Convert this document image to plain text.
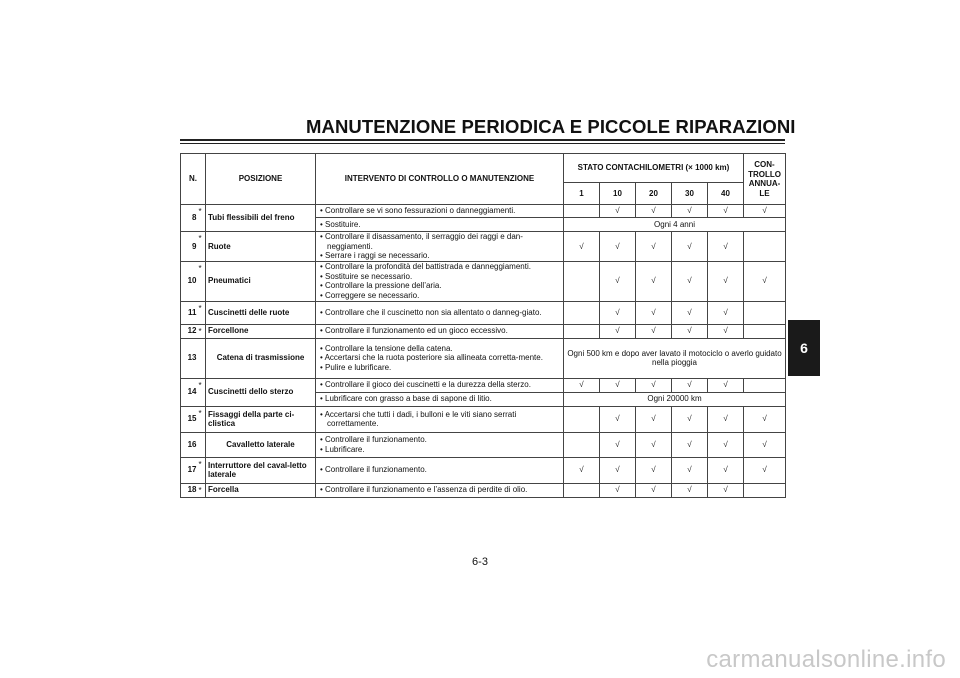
MANUTENZIONE PERIODICA E PICCOLE RIPARAZIONI
N.		POSIZIONE	INTERVENTO DI CONTROLLO O MANUTENZIONE	STATO CONTACHILOMETRI (× 1000 km)					CON-TROLLO ANNUA-LE
				1	10	20	30	40	
8	*	Tubi flessibili del freno	• Controllare se vi sono fessurazioni o danneggiamenti.		√	√	√	√	√

			• Sostituire.	Ogni 4 anni					
9	*	Ruote	• Controllare il disassamento, il serraggio dei raggi e dan-neggiamenti.
• Serrare i raggi se necessario.	√	√	√	√	√	
10	*	Pneumatici	• Controllare la profondità del battistrada e danneggiamenti.
• Sostituire se necessario.
• Controllare la pressione dell’aria.
• Correggere se necessario.		√	√	√	√	√
11	*	Cuscinetti delle ruote	• Controllare che il cuscinetto non sia allentato o danneg-giato.		√	√	√	√	
12	*	Forcellone	• Controllare il funzionamento ed un gioco eccessivo.		√	√	√	√	
13		Catena di trasmissione	• Controllare la tensione della catena.
• Accertarsi che la ruota posteriore sia allineata corretta-mente.
• Pulire e lubrificare.	Ogni 500 km e dopo aver lavato il motociclo o averlo guidato nella pioggia					
14	*	Cuscinetti dello sterzo	• Controllare il gioco dei cuscinetti e la durezza della sterzo.	√	√	√	√	√	

			• Lubrificare con grasso a base di sapone di litio.	Ogni 20000 km					
15	*	Fissaggi della parte ci-clistica	• Accertarsi che tutti i dadi, i bulloni e le viti siano serrati correttamente.		√	√	√	√	√
16		Cavalletto laterale	• Controllare il funzionamento.
• Lubrificare.		√	√	√	√	√
17	*	Interruttore del caval-letto laterale	• Controllare il funzionamento.	√	√	√	√	√	√
18	*	Forcella	• Controllare il funzionamento e l’assenza di perdite di olio.		√	√	√	√	
6
6-3
carmanualsonline.info
